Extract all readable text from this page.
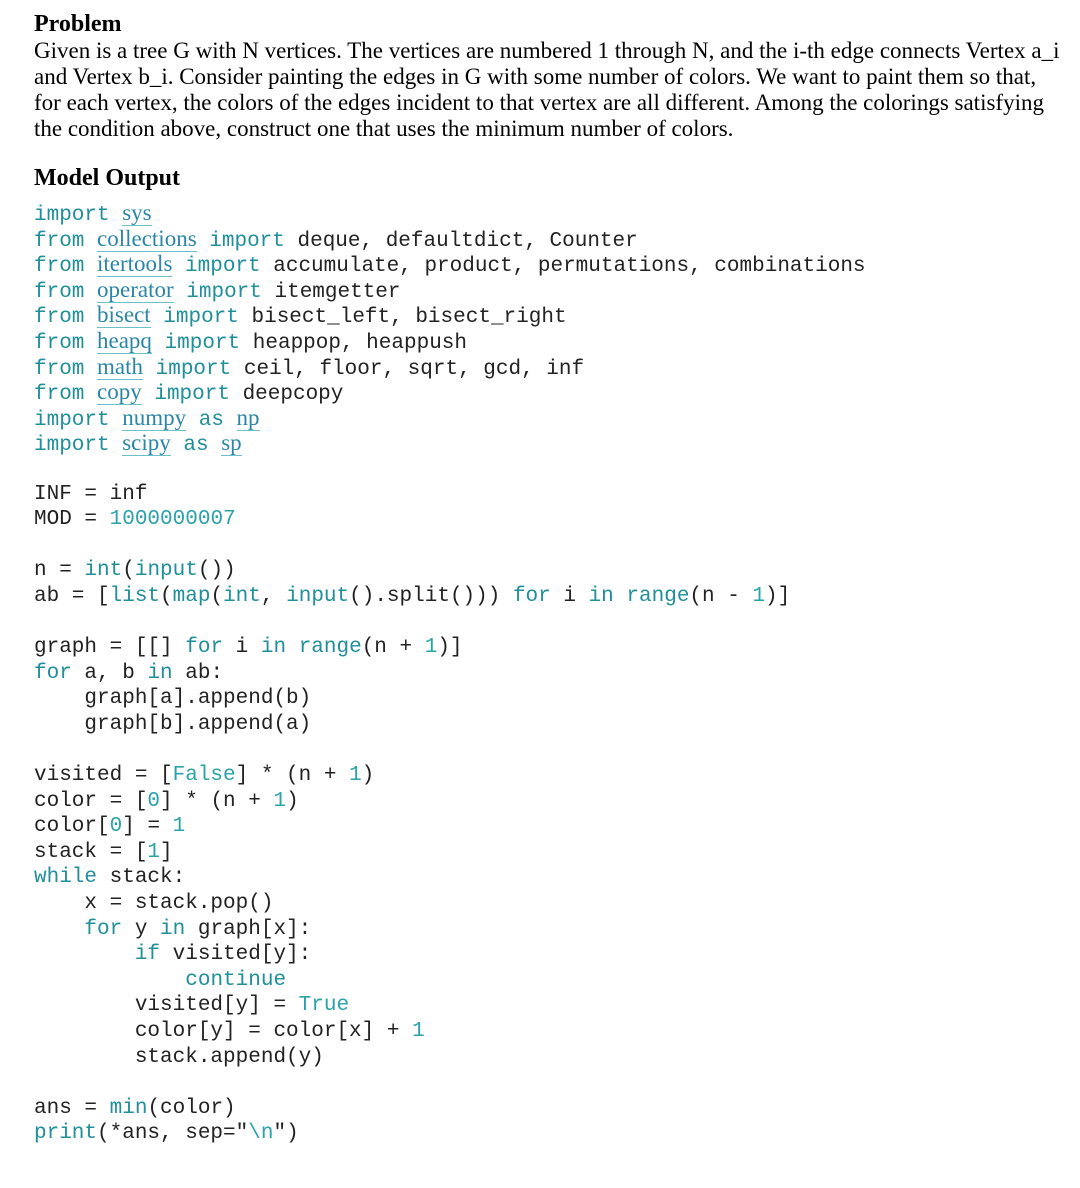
Problem
Given is a tree G with N vertices. The vertices are numbered 1 through N, and the i-th edge connects Vertex a_i and Vertex b_i. Consider painting the edges in G with some number of colors. We want to paint them so that, for each vertex, the colors of the edges incident to that vertex are all different. Among the colorings satisfying the condition above, construct one that uses the minimum number of colors.
Model Output
import sys
from collections import deque, defaultdict, Counter
from itertools import accumulate, product, permutations, combinations
from operator import itemgetter
from bisect import bisect_left, bisect_right
from heapq import heappop, heappush
from math import ceil, floor, sqrt, gcd, inf
from copy import deepcopy
import numpy as np
import scipy as sp
INF = inf
MOD = 1000000007
n = int(input())
ab = [list(map(int, input().split())) for i in range(n - 1)]
graph = [[] for i in range(n + 1)]
for a, b in ab:
graph[a].append(b)
graph[b].append(a)
visited = [False] * (n + 1)
color = [0] * (n + 1)
color[0] = 1
stack = [1]
while stack:
x = stack.pop()
for y in graph[x]:
if visited[y]:
continue
visited[y] = True
color[y] = color[x] + 1
stack.append(y)
ans = min(color)
print(*ans, sep="\n")
